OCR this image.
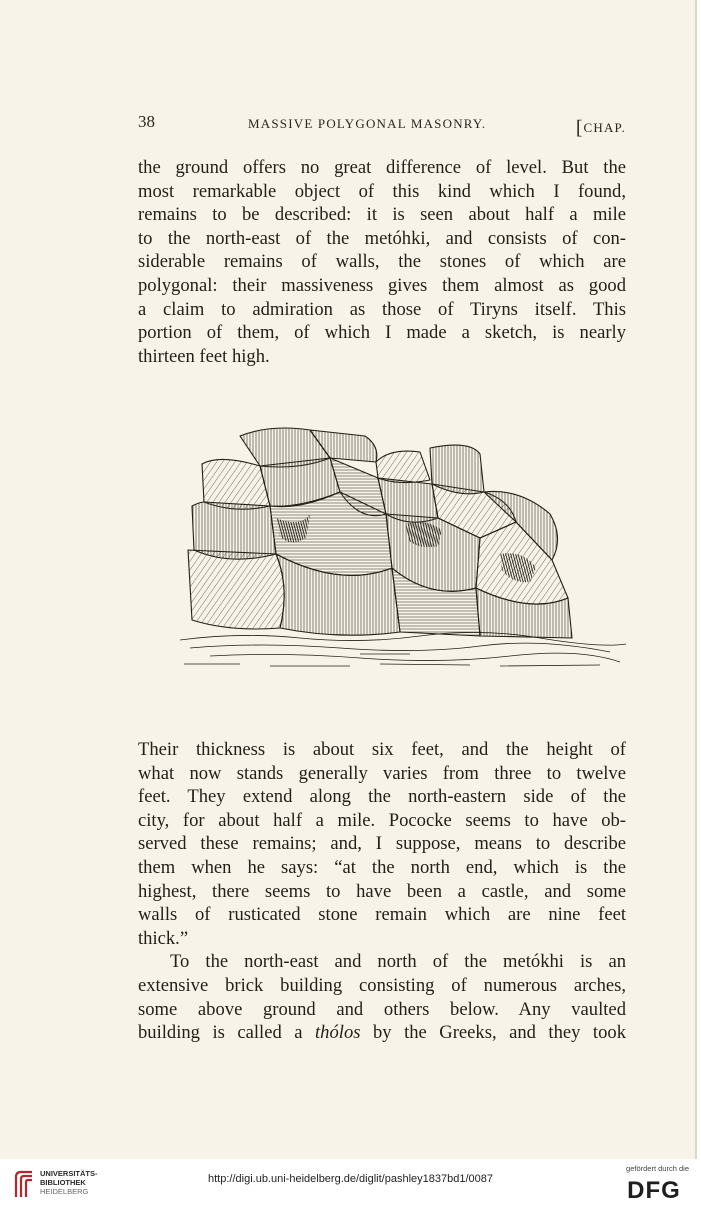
38	MASSIVE POLYGONAL MASONRY.
[	CHAP.
the ground offers no great difference of level. But the
most remarkable object of this kind which I found,
remains to be described: it is seen about half a mile
to the north-east of the metóhki, and consists of con-
siderable remains of walls, the stones of which are
polygonal: their massiveness gives them almost as good
a claim to admiration as those of Tiryns itself. This
portion of them, of which I made a sketch, is nearly
thirteen feet high.
Their thickness is about six feet, and the height of
what now stands generally varies from three to twelve
feet. They extend along the north-eastern side of the
city, for about half a mile. Pococke seems to have ob-
served these remains; and, I suppose, means to describe
them when he says: “at the north end, which is the
highest, there seems to have been a castle, and some
walls of rusticated stone remain which are nine feet
thick.”
To the north-east and north of the metókhi is an
extensive brick building consisting of numerous arches,
some above ground and others below. Any vaulted
building is called a thólos by the Greeks, and they took
UNIVERSITÄTS-
BIBLIOTHEK
HEIDELBERG
http://digi.ub.uni-heidelberg.de/diglit/pashley1837bd1/0087
gefördert durch die
DFG
